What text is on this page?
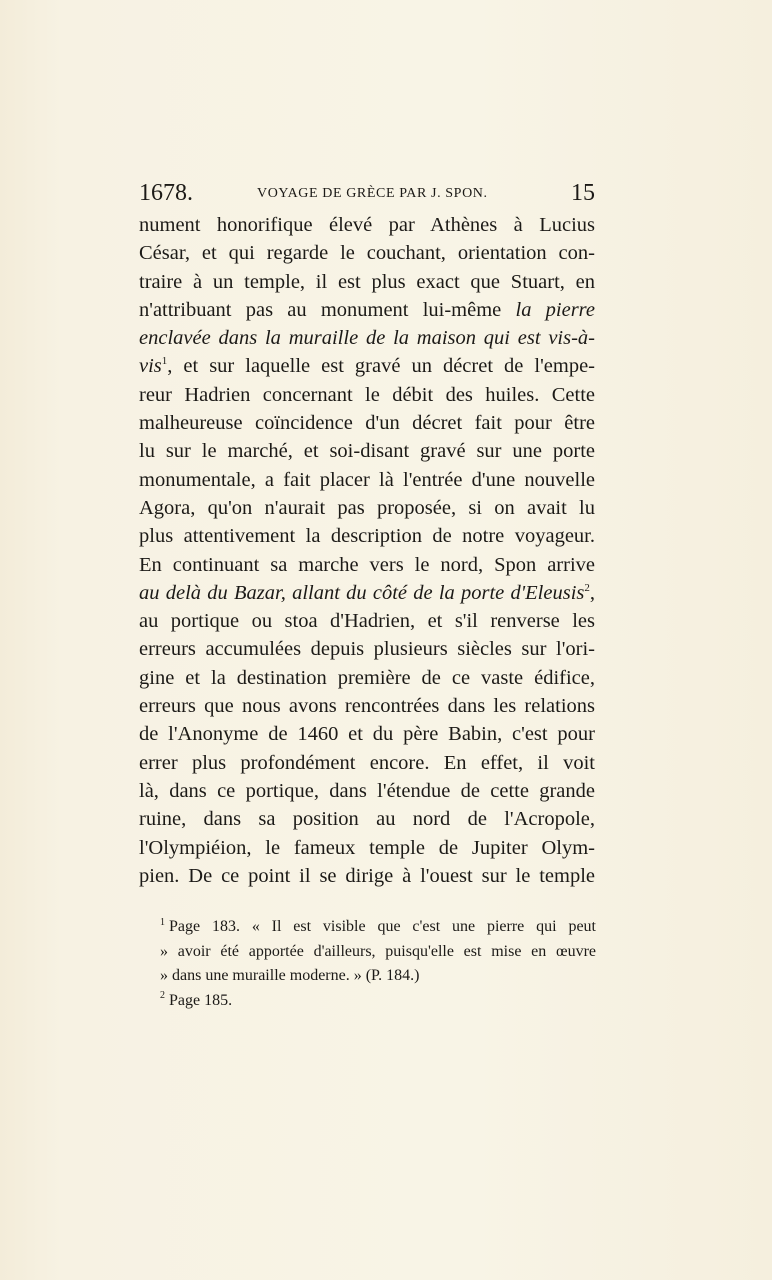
1678.	VOYAGE DE GRÈCE PAR J. SPON.	15
nument honorifique élevé par Athènes à Lucius
César, et qui regarde le couchant, orientation con-
traire à un temple, il est plus exact que Stuart, en
n'attribuant pas au monument lui-même la pierre
enclavée dans la muraille de la maison qui est vis-à-
vis$^1$, et sur laquelle est gravé un décret de l'empe-
reur Hadrien concernant le débit des huiles. Cette
malheureuse coïncidence d'un décret fait pour être
lu sur le marché, et soi-disant gravé sur une porte
monumentale, a fait placer là l'entrée d'une nouvelle
Agora, qu'on n'aurait pas proposée, si on avait lu
plus attentivement la description de notre voyageur.
En continuant sa marche vers le nord, Spon arrive
au delà du Bazar, allant du côté de la porte d'Eleusis$^2$,
au portique ou stoa d'Hadrien, et s'il renverse les
erreurs accumulées depuis plusieurs siècles sur l'ori-
gine et la destination première de ce vaste édifice,
erreurs que nous avons rencontrées dans les relations
de l'Anonyme de 1460 et du père Babin, c'est pour
errer plus profondément encore. En effet, il voit
là, dans ce portique, dans l'étendue de cette grande
ruine, dans sa position au nord de l'Acropole,
l'Olympiéion, le fameux temple de Jupiter Olym-
pien. De ce point il se dirige à l'ouest sur le temple
$^1$ Page 183. « Il est visible que c'est une pierre qui peut
» avoir été apportée d'ailleurs, puisqu'elle est mise en œuvre
» dans une muraille moderne. » (P. 184.)
$^2$ Page 185.
